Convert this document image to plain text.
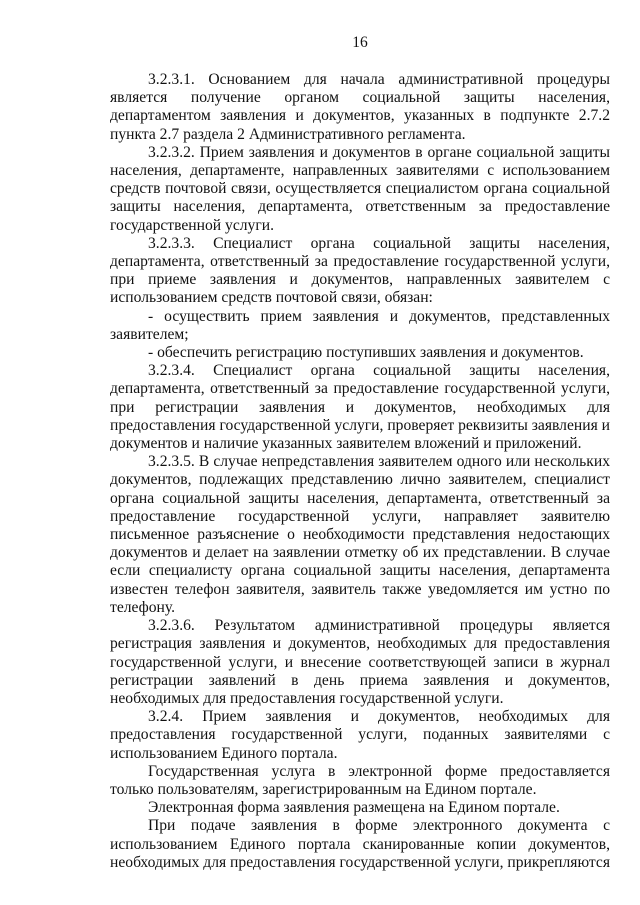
16

3.2.3.1. Основанием для начала административной процедуры является получение органом социальной защиты населения, департаментом заявления и документов, указанных в подпункте 2.7.2 пункта 2.7 раздела 2 Административного регламента.

3.2.3.2. Прием заявления и документов в органе социальной защиты населения, департаменте, направленных заявителями с использованием средств почтовой связи, осуществляется специалистом органа социальной защиты населения, департамента, ответственным за предоставление государственной услуги.

3.2.3.3. Специалист органа социальной защиты населения, департамента, ответственный за предоставление государственной услуги, при приеме заявления и документов, направленных заявителем с использованием средств почтовой связи, обязан:

- осуществить прием заявления и документов, представленных заявителем;

- обеспечить регистрацию поступивших заявления и документов.

3.2.3.4. Специалист органа социальной защиты населения, департамента, ответственный за предоставление государственной услуги, при регистрации заявления и документов, необходимых для предоставления государственной услуги, проверяет реквизиты заявления и документов и наличие указанных заявителем вложений и приложений.

3.2.3.5. В случае непредставления заявителем одного или нескольких документов, подлежащих представлению лично заявителем, специалист органа социальной защиты населения, департамента, ответственный за предоставление государственной услуги, направляет заявителю письменное разъяснение о необходимости представления недостающих документов и делает на заявлении отметку об их представлении. В случае если специалисту органа социальной защиты населения, департамента известен телефон заявителя, заявитель также уведомляется им устно по телефону.

3.2.3.6. Результатом административной процедуры является регистрация заявления и документов, необходимых для предоставления государственной услуги, и внесение соответствующей записи в журнал регистрации заявлений в день приема заявления и документов, необходимых для предоставления государственной услуги.

3.2.4. Прием заявления и документов, необходимых для предоставления государственной услуги, поданных заявителями с использованием Единого портала.

Государственная услуга в электронной форме предоставляется только пользователям, зарегистрированным на Едином портале.

Электронная форма заявления размещена на Едином портале.

При подаче заявления в форме электронного документа с использованием Единого портала сканированные копии документов, необходимых для предоставления государственной услуги, прикрепляются
